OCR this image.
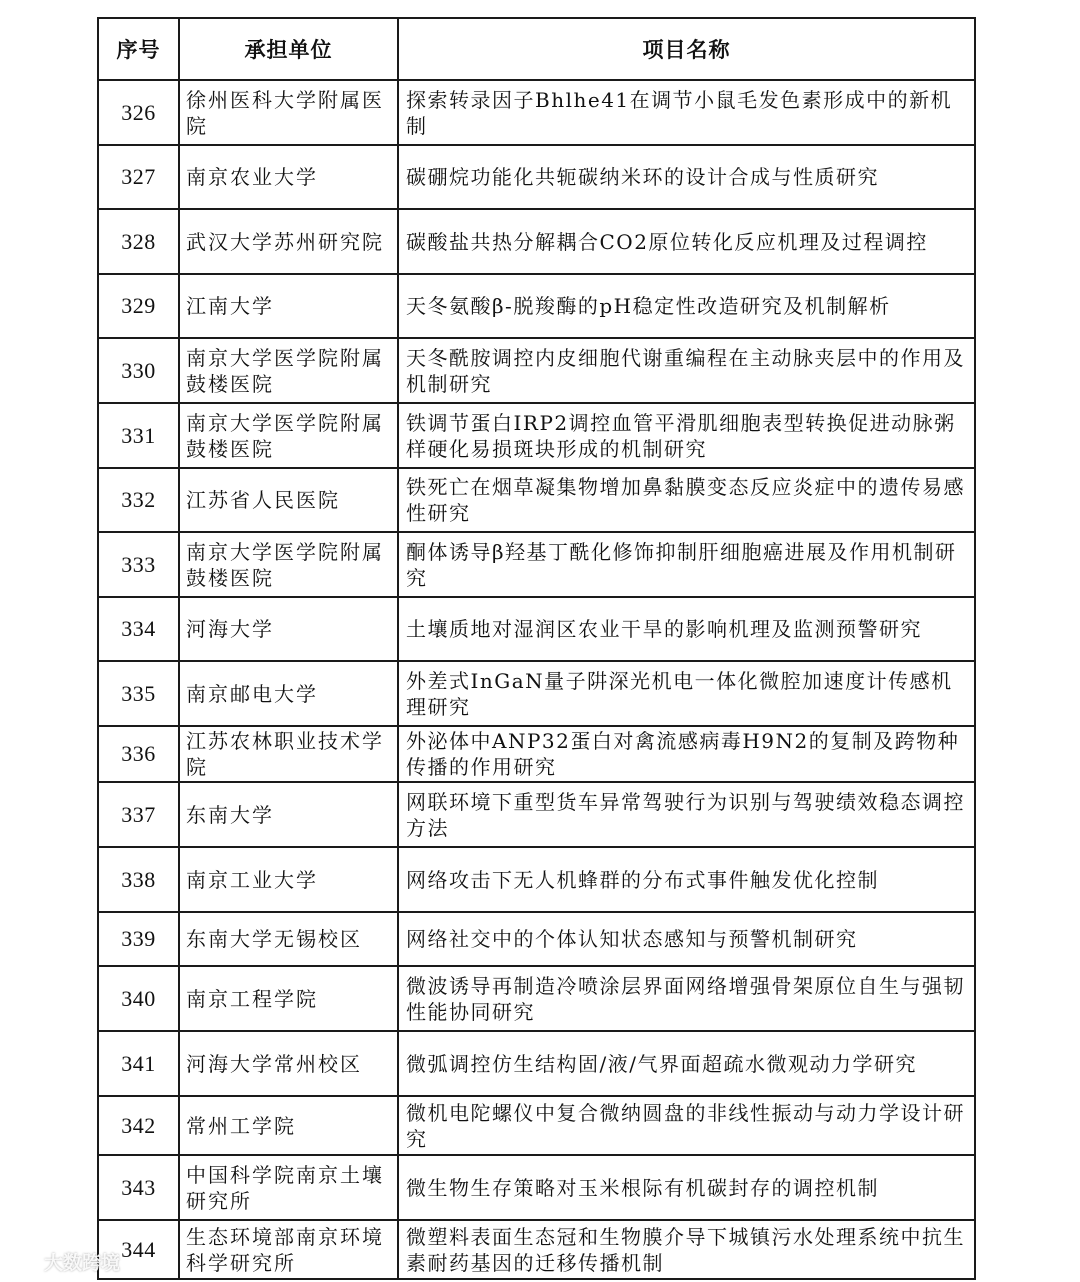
序号	承担单位	项目名称
326	徐州医科大学附属医院	探索转录因子Bhlhe41在调节小鼠毛发色素形成中的新机制

327	南京农业大学	碳硼烷功能化共轭碳纳米环的设计合成与性质研究

328	武汉大学苏州研究院	碳酸盐共热分解耦合CO2原位转化反应机理及过程调控

329	江南大学	天冬氨酸β-脱羧酶的pH稳定性改造研究及机制解析

330	南京大学医学院附属鼓楼医院	天冬酰胺调控内皮细胞代谢重编程在主动脉夹层中的作用及机制研究

331	南京大学医学院附属鼓楼医院	铁调节蛋白IRP2调控血管平滑肌细胞表型转换促进动脉粥样硬化易损斑块形成的机制研究

332	江苏省人民医院	铁死亡在烟草凝集物增加鼻黏膜变态反应炎症中的遗传易感性研究

333	南京大学医学院附属鼓楼医院	酮体诱导β羟基丁酰化修饰抑制肝细胞癌进展及作用机制研究

334	河海大学	土壤质地对湿润区农业干旱的影响机理及监测预警研究

335	南京邮电大学	外差式InGaN量子阱深光机电一体化微腔加速度计传感机理研究

336	江苏农林职业技术学院	外泌体中ANP32蛋白对禽流感病毒H9N2的复制及跨物种传播的作用研究

337	东南大学	网联环境下重型货车异常驾驶行为识别与驾驶绩效稳态调控方法

338	南京工业大学	网络攻击下无人机蜂群的分布式事件触发优化控制

339	东南大学无锡校区	网络社交中的个体认知状态感知与预警机制研究

340	南京工程学院	微波诱导再制造冷喷涂层界面网络增强骨架原位自生与强韧性能协同研究

341	河海大学常州校区	微弧调控仿生结构固/液/气界面超疏水微观动力学研究

342	常州工学院	微机电陀螺仪中复合微纳圆盘的非线性振动与动力学设计研究

343	中国科学院南京土壤研究所	微生物生存策略对玉米根际有机碳封存的调控机制

344	生态环境部南京环境科学研究所	微塑料表面生态冠和生物膜介导下城镇污水处理系统中抗生素耐药基因的迁移传播机制
大数跨境
